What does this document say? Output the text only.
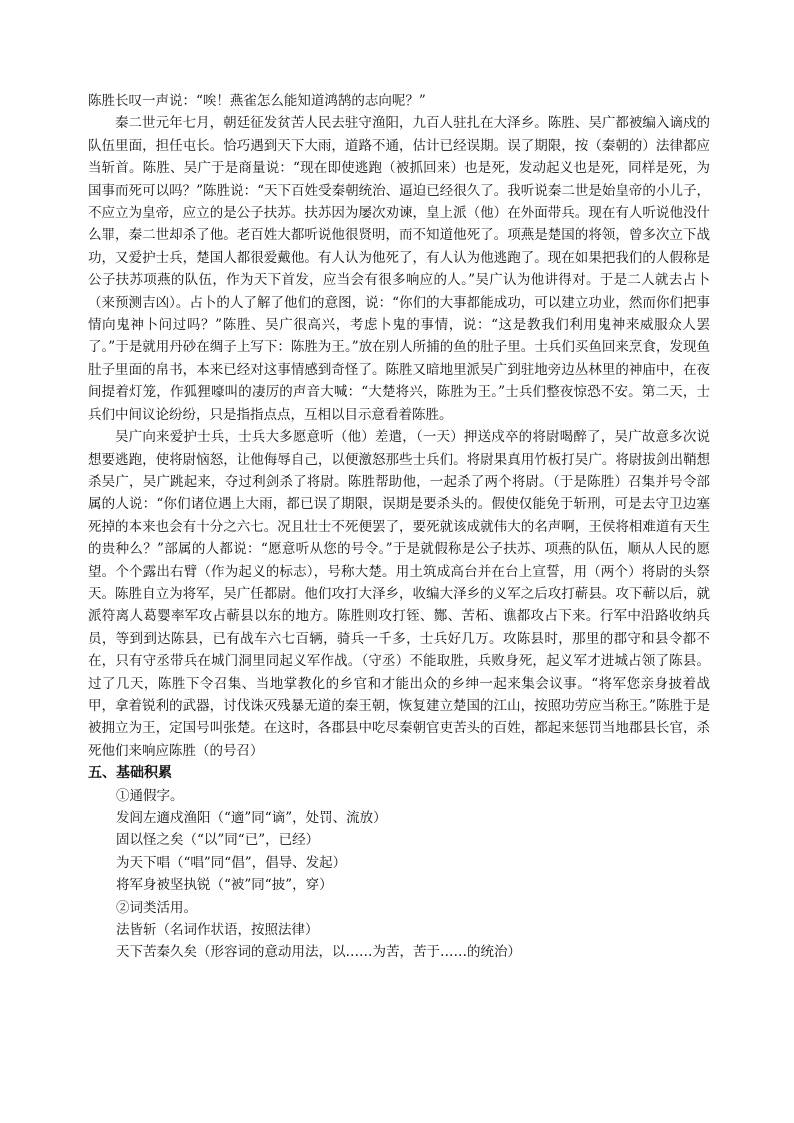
陈胜长叹一声说：“唉！燕雀怎么能知道鸿鹄的志向呢？”

秦二世元年七月，朝廷征发贫苦人民去驻守渔阳，九百人驻扎在大泽乡。陈胜、吴广都被编入谪戍的队伍里面，担任屯长。恰巧遇到天下大雨，道路不通，估计已经误期。误了期限，按（秦朝的）法律都应当斩首。陈胜、吴广于是商量说：“现在即使逃跑（被抓回来）也是死，发动起义也是死，同样是死，为国事而死可以吗？”陈胜说：“天下百姓受秦朝统治、逼迫已经很久了。我听说秦二世是始皇帝的小儿子，不应立为皇帝，应立的是公子扶苏。扶苏因为屡次劝谏，皇上派（他）在外面带兵。现在有人听说他没什么罪，秦二世却杀了他。老百姓大都听说他很贤明，而不知道他死了。项燕是楚国的将领，曾多次立下战功，又爱护士兵，楚国人都很爱戴他。有人认为他死了，有人认为他逃跑了。现在如果把我们的人假称是公子扶苏项燕的队伍，作为天下首发，应当会有很多响应的人。”吴广认为他讲得对。于是二人就去占卜（来预测吉凶）。占卜的人了解了他们的意图，说：“你们的大事都能成功，可以建立功业，然而你们把事情向鬼神卜问过吗？”陈胜、吴广很高兴，考虑卜鬼的事情，说：“这是教我们利用鬼神来威服众人罢了。”于是就用丹砂在绸子上写下：陈胜为王。”放在别人所捕的鱼的肚子里。士兵们买鱼回来烹食，发现鱼肚子里面的帛书，本来已经对这事情感到奇怪了。陈胜又暗地里派吴广到驻地旁边丛林里的神庙中，在夜间提着灯笼，作狐狸嚎叫的凄厉的声音大喊：“大楚将兴，陈胜为王。”士兵们整夜惊恐不安。第二天，士兵们中间议论纷纷，只是指指点点，互相以目示意看着陈胜。

吴广向来爱护士兵，士兵大多愿意听（他）差遣，（一天）押送戍卒的将尉喝醉了，吴广故意多次说想要逃跑，使将尉恼怒，让他侮辱自己，以便激怒那些士兵们。将尉果真用竹板打吴广。将尉拔剑出鞘想杀吴广，吴广跳起来，夺过利剑杀了将尉。陈胜帮助他，一起杀了两个将尉。（于是陈胜）召集并号令部属的人说：“你们诸位遇上大雨，都已误了期限，误期是要杀头的。假使仅能免于斩刑，可是去守卫边塞死掉的本来也会有十分之六七。况且壮士不死便罢了，要死就该成就伟大的名声啊，王侯将相难道有天生的贵种么？”部属的人都说：“愿意听从您的号令。”于是就假称是公子扶苏、项燕的队伍，顺从人民的愿望。个个露出右臂（作为起义的标志），号称大楚。用土筑成高台并在台上宣誓，用（两个）将尉的头祭天。陈胜自立为将军，吴广任都尉。他们攻打大泽乡，收编大泽乡的义军之后攻打蕲县。攻下蕲以后，就派符离人葛婴率军攻占蕲县以东的地方。陈胜则攻打铚、酂、苦柘、谯都攻占下来。行军中沿路收纳兵员，等到到达陈县，已有战车六七百辆，骑兵一千多，士兵好几万。攻陈县时，那里的郡守和县令都不在，只有守丞带兵在城门洞里同起义军作战。（守丞）不能取胜，兵败身死，起义军才进城占领了陈县。过了几天，陈胜下令召集、当地掌教化的乡官和才能出众的乡绅一起来集会议事。“将军您亲身披着战甲，拿着锐利的武器，讨伐诛灭残暴无道的秦王朝，恢复建立楚国的江山，按照功劳应当称王。”陈胜于是被拥立为王，定国号叫张楚。在这时，各郡县中吃尽秦朝官吏苦头的百姓，都起来惩罚当地郡县长官，杀死他们来响应陈胜（的号召）

五、基础积累

①通假字。

发闾左適戍渔阳（“適”同“谪”，处罚、流放）

固以怪之矣（“以”同“已”，已经）

为天下唱（“唱”同“倡”，倡导、发起）

将军身被坚执锐（“被”同“披”，穿）

②词类活用。

法皆斩（名词作状语，按照法律）

天下苦秦久矣（形容词的意动用法，以……为苦，苦于……的统治）
